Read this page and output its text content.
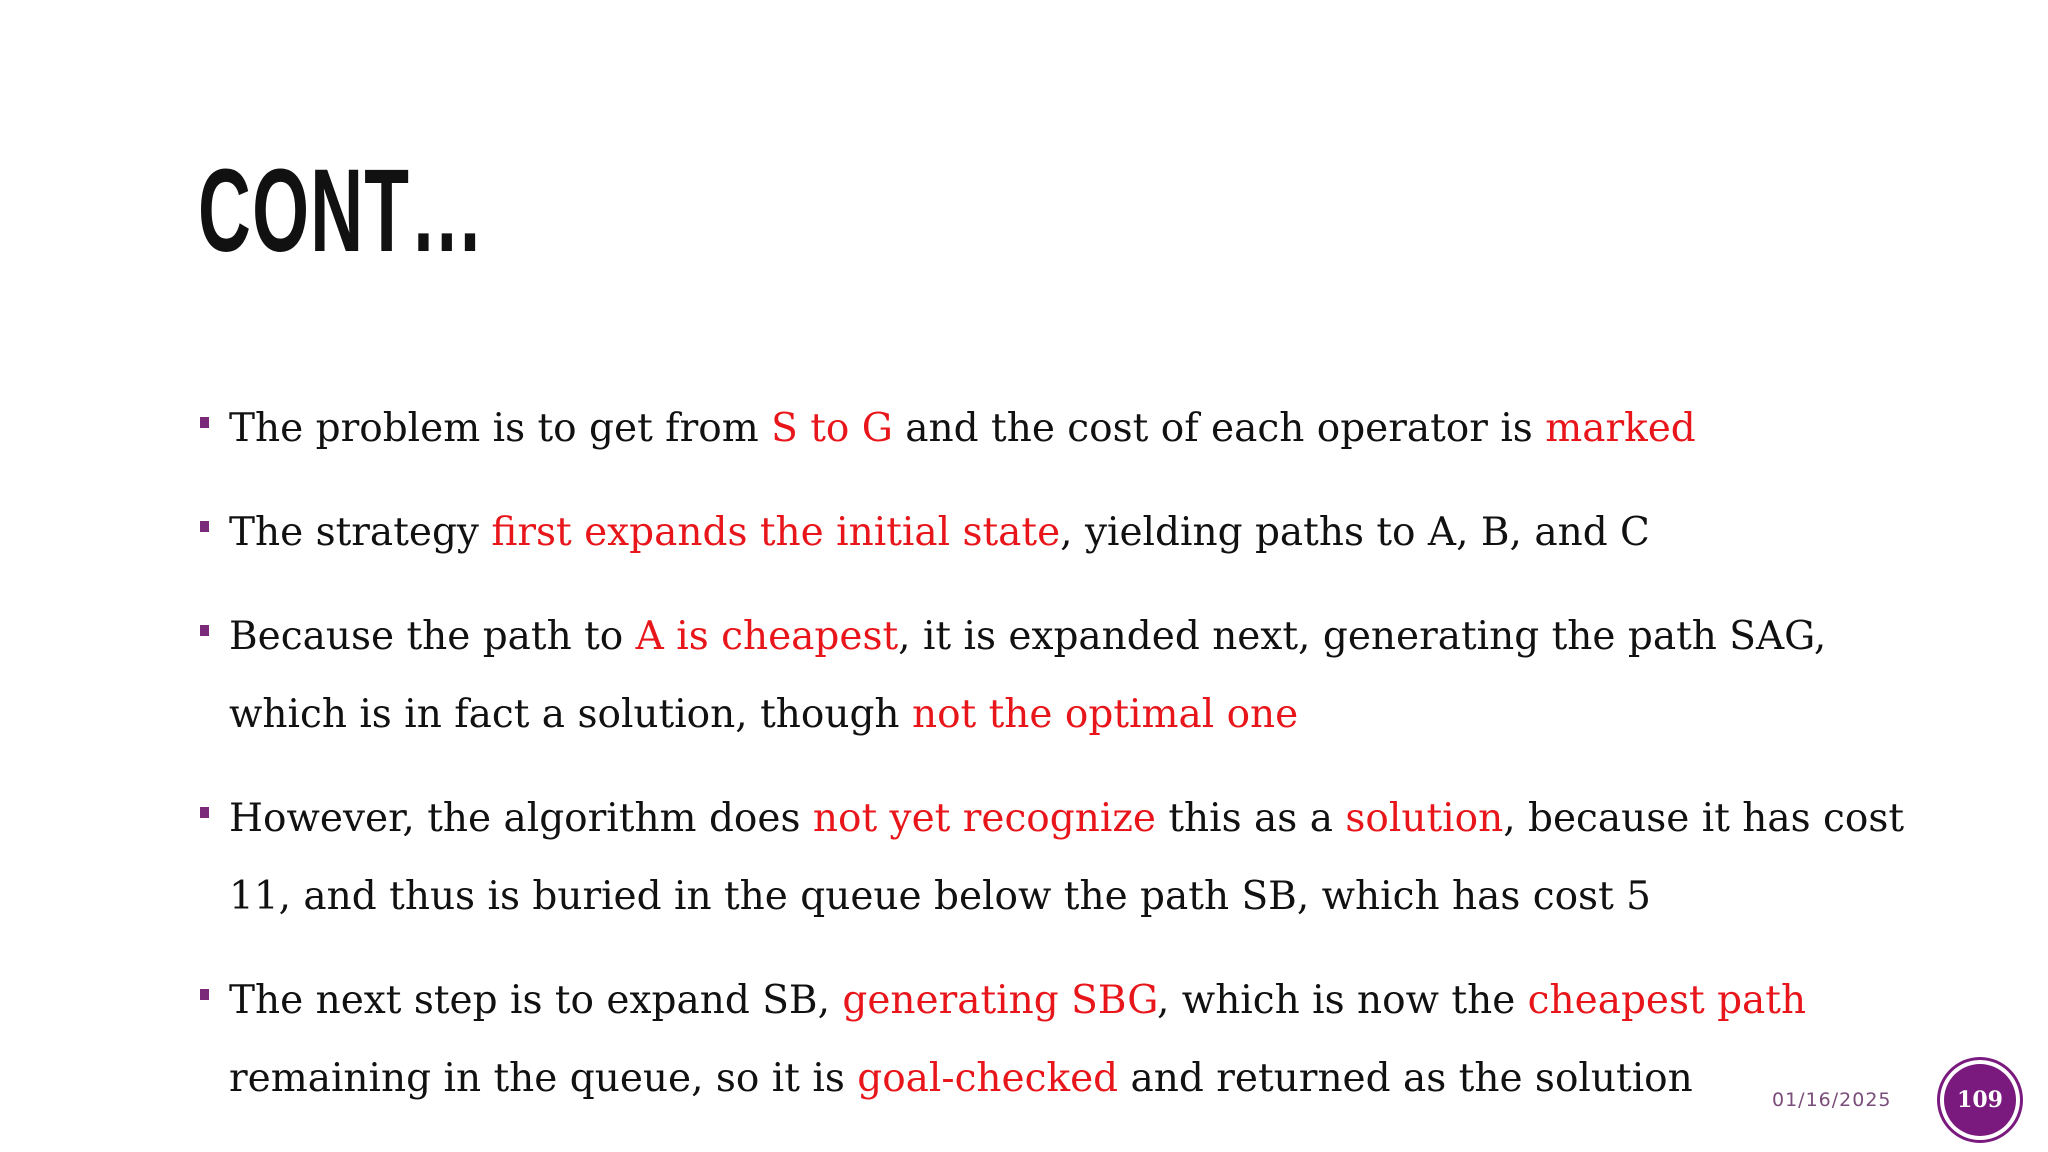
CONT…
The problem is to get from S to G and the cost of each operator is marked
The strategy first expands the initial state, yielding paths to A, B, and C
Because the path to A is cheapest, it is expanded next, generating the path SAG, which is in fact a solution, though not the optimal one
However, the algorithm does not yet recognize this as a solution, because it has cost 11, and thus is buried in the queue below the path SB, which has cost 5
The next step is to expand SB, generating SBG, which is now the cheapest path remaining in the queue, so it is goal-checked and returned as the solution	01/16/2025	109
